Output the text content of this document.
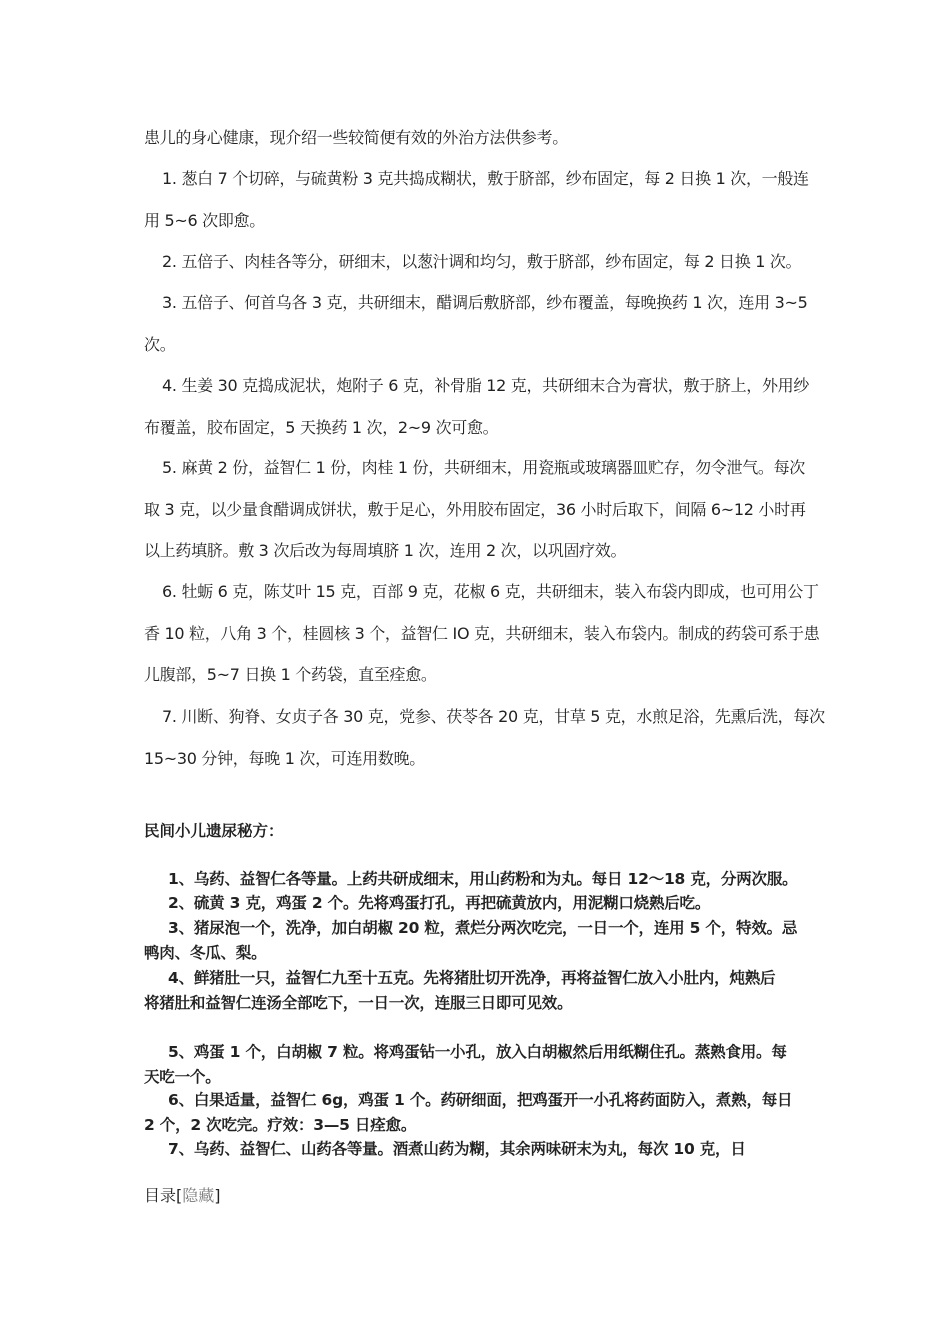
患儿的身心健康，现介绍一些较简便有效的外治方法供参考。

1. 葱白 7 个切碎，与硫黄粉 3 克共捣成糊状，敷于脐部，纱布固定，每 2 日换 1 次，一般连
用 5~6 次即愈。

2. 五倍子、肉桂各等分，研细末，以葱汁调和均匀，敷于脐部，纱布固定，每 2 日换 1 次。

3. 五倍子、何首乌各 3 克，共研细末，醋调后敷脐部，纱布覆盖，每晚换药 1 次，连用 3~5
次。

4. 生姜 30 克捣成泥状，炮附子 6 克，补骨脂 12 克，共研细末合为膏状，敷于脐上，外用纱
布覆盖，胶布固定，5 天换药 1 次，2~9 次可愈。

5. 麻黄 2 份，益智仁 1 份，肉桂 1 份，共研细末，用瓷瓶或玻璃器皿贮存，勿令泄气。每次
取 3 克，以少量食醋调成饼状，敷于足心，外用胶布固定，36 小时后取下，间隔 6~12 小时再
以上药填脐。敷 3 次后改为每周填脐 1 次，连用 2 次，以巩固疗效。

6. 牡蛎 6 克，陈艾叶 15 克，百部 9 克，花椒 6 克，共研细末，装入布袋内即成，也可用公丁
香 10 粒，八角 3 个，桂圆核 3 个，益智仁 IO 克，共研细末，装入布袋内。制成的药袋可系于患
儿腹部，5~7 日换 1 个药袋，直至痊愈。

7. 川断、狗脊、女贞子各 30 克，党参、茯苓各 20 克，甘草 5 克，水煎足浴，先熏后洗，每次
15~30 分钟，每晚 1 次，可连用数晚。

民间小儿遗尿秘方：

1、乌药、益智仁各等量。上药共研成细末，用山药粉和为丸。每日 12～18 克，分两次服。

2、硫黄 3 克，鸡蛋 2 个。先将鸡蛋打孔，再把硫黄放内，用泥糊口烧熟后吃。

3、猪尿泡一个，洗净，加白胡椒 20 粒，煮烂分两次吃完，一日一个，连用 5 个，特效。忌
鸭肉、冬瓜、梨。

4、鲜猪肚一只，益智仁九至十五克。先将猪肚切开洗净，再将益智仁放入小肚内，炖熟后
将猪肚和益智仁连汤全部吃下，一日一次，连服三日即可见效。

5、鸡蛋 1 个，白胡椒 7 粒。将鸡蛋钻一小孔，放入白胡椒然后用纸糊住孔。蒸熟食用。每
天吃一个。

6、白果适量，益智仁 6g，鸡蛋 1 个。药研细面，把鸡蛋开一小孔将药面防入，煮熟，每日
2 个，2 次吃完。疗效：3—5 日痊愈。

7、乌药、益智仁、山药各等量。酒煮山药为糊，其余两味研末为丸，每次 10 克，日

目录[隐藏]
